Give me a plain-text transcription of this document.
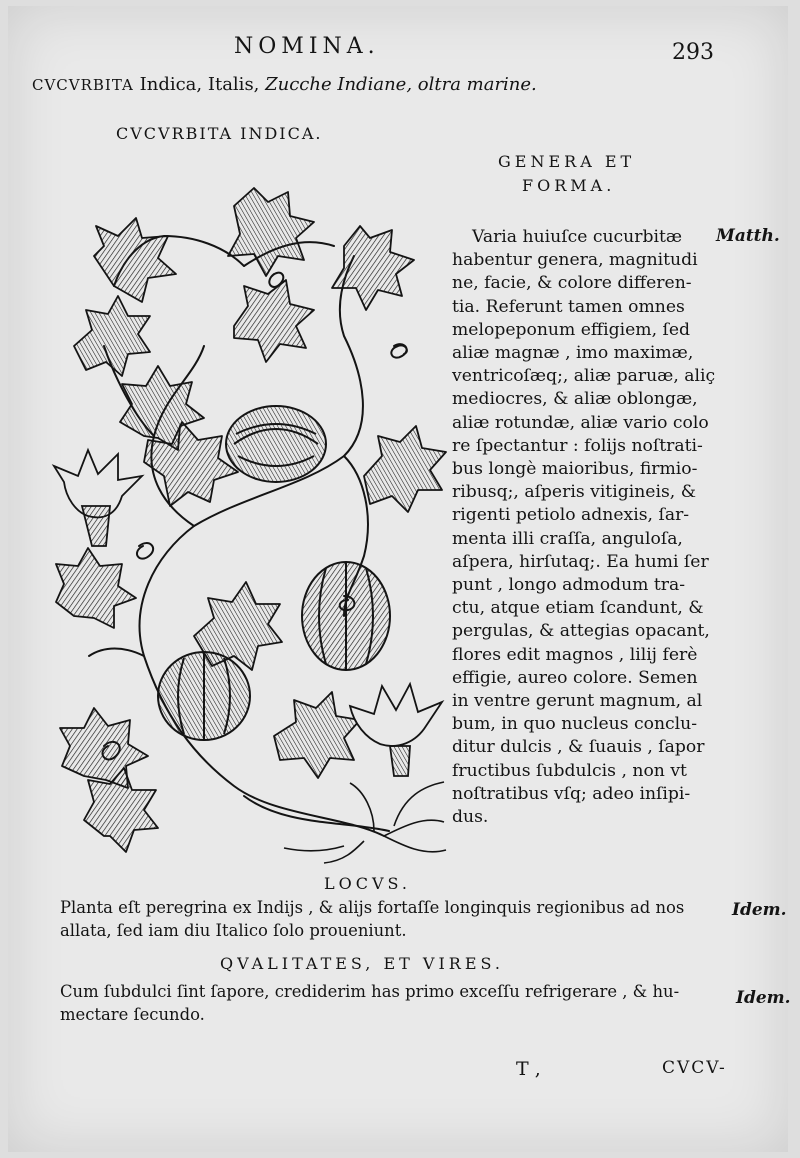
NOMINA.	293
CVCVRBITA Indica, Italis, Zucche Indiane, oltra marine.
CVCVRBITA INDICA.
GENERA ET
FORMA.
Matth.
Varia huiuſce cucurbitæ
habentur genera, magnitudi
ne, facie, & colore differen-
tia. Referunt tamen omnes
melopeponum effigiem, ſed
aliæ magnæ , imo maximæ,
ventricoſæq;, aliæ paruæ, aliç
mediocres, & aliæ oblongæ,
aliæ rotundæ, aliæ vario colo
re ſpectantur : folijs noſtrati-
bus longè maioribus, firmio-
ribusq;, aſperis vitigineis, &
rigenti petiolo adnexis, ſar-
menta illi craſſa, anguloſa,
aſpera, hirſutaq;. Ea humi ſer
punt , longo admodum tra-
ctu, atque etiam ſcandunt, &
pergulas, & attegias opacant,
flores edit magnos , lilij ferè
effigie, aureo colore. Semen
in ventre gerunt magnum, al
bum, in quo nucleus conclu-
ditur dulcis , & ſuauis , ſapor
fructibus ſubdulcis , non vt
noſtratibus vſq; adeo inſipi-
dus.
LOCVS.
Planta eſt peregrina ex Indijs , & alijs fortaſſe longinquis regionibus ad nos
allata, ſed iam diu Italico ſolo proueniunt.
Idem.
QVALITATES, ET VIRES.
Cum ſubdulci ſint ſapore, crediderim has primo exceſſu refrigerare , & hu-
mectare ſecundo.
Idem.
T ,	CVCV-
